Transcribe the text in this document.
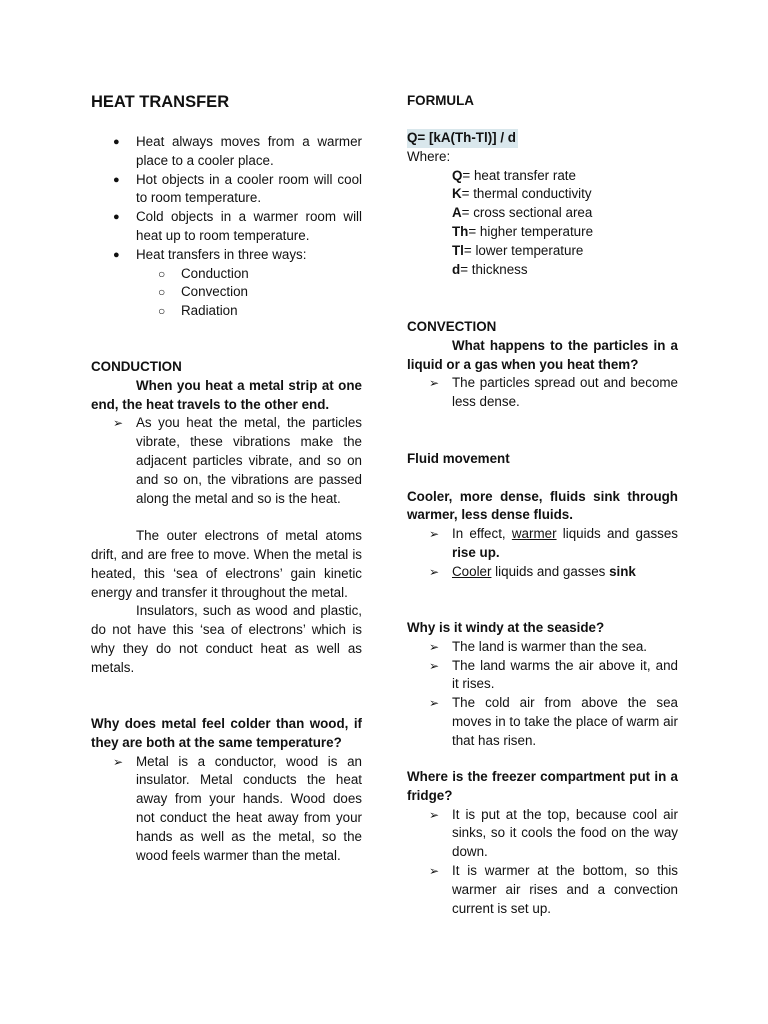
HEAT TRANSFER
● Heat always moves from a warmer place to a cooler place.
● Hot objects in a cooler room will cool to room temperature.
● Cold objects in a warmer room will heat up to room temperature.
● Heat transfers in three ways:
○ Conduction
○ Convection
○ Radiation

CONDUCTION

When you heat a metal strip at one end, the heat travels to the other end.

➢ As you heat the metal, the particles vibrate, these vibrations make the adjacent particles vibrate, and so on and so on, the vibrations are passed along the metal and so is the heat.

The outer electrons of metal atoms drift, and are free to move. When the metal is heated, this ‘sea of electrons’ gain kinetic energy and transfer it throughout the metal.

Insulators, such as wood and plastic, do not have this ‘sea of electrons’ which is why they do not conduct heat as well as metals.

Why does metal feel colder than wood, if they are both at the same temperature?

➢ Metal is a conductor, wood is an insulator. Metal conducts the heat away from your hands. Wood does not conduct the heat away from your hands as well as the metal, so the wood feels warmer than the metal.

FORMULA

Q= [kA(Th-Tl)] / d

Where:

Q= heat transfer rate

K= thermal conductivity

A= cross sectional area

Th= higher temperature

Tl= lower temperature

d= thickness

CONVECTION

What happens to the particles in a liquid or a gas when you heat them?

➢ The particles spread out and become less dense.

Fluid movement

Cooler, more dense, fluids sink through warmer, less dense fluids.

➢ In effect, warmer liquids and gasses rise up.
➢ Cooler liquids and gasses sink

Why is it windy at the seaside?

➢ The land is warmer than the sea.
➢ The land warms the air above it, and it rises.
➢ The cold air from above the sea moves in to take the place of warm air that has risen.

Where is the freezer compartment put in a fridge?

➢ It is put at the top, because cool air sinks, so it cools the food on the way down.
➢ It is warmer at the bottom, so this warmer air rises and a convection current is set up.
